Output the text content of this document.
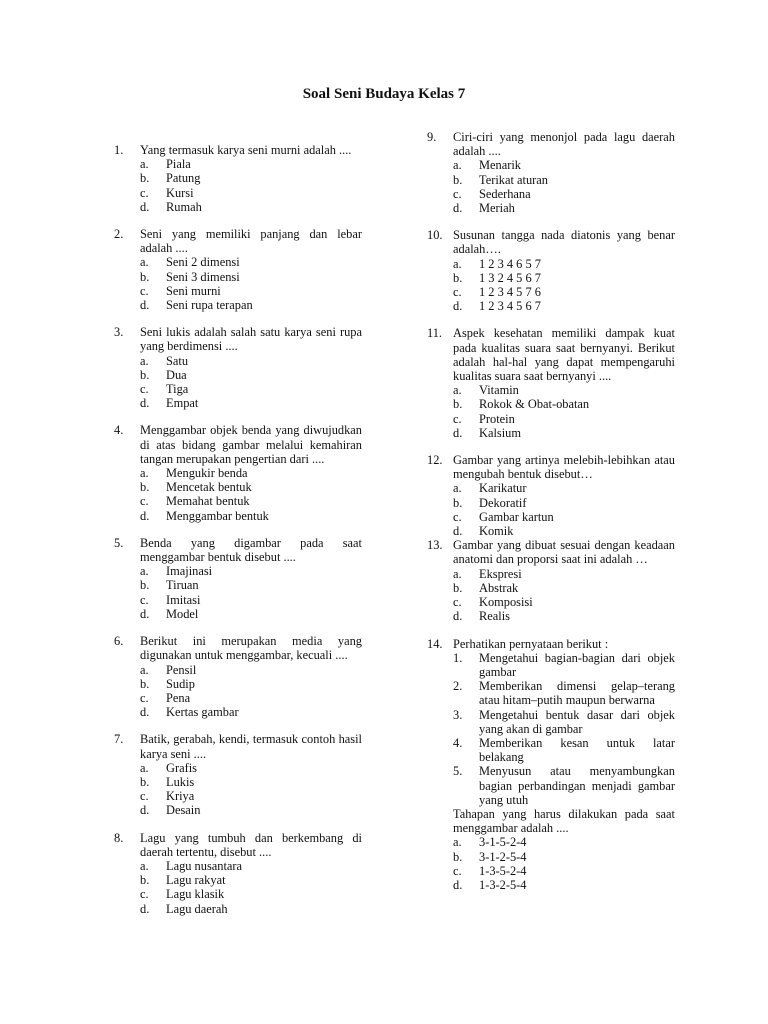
Soal Seni Budaya Kelas 7
1.	Yang termasuk karya seni murni adalah ....
a.	Piala
b.	Patung
c.	Kursi
d.	Rumah
2.	Seni yang memiliki panjang dan lebar adalah ....
a.	Seni 2 dimensi
b.	Seni 3 dimensi
c.	Seni murni
d.	Seni rupa terapan
3.	Seni lukis adalah salah satu karya seni rupa yang berdimensi ....
a.	Satu
b.	Dua
c.	Tiga
d.	Empat
4.	Menggambar objek benda yang diwujudkan di atas bidang gambar melalui kemahiran tangan merupakan pengertian dari ....
a.	Mengukir benda
b.	Mencetak bentuk
c.	Memahat bentuk
d.	Menggambar bentuk
5.	Benda yang digambar pada saat menggambar bentuk disebut ....
a.	Imajinasi
b.	Tiruan
c.	Imitasi
d.	Model
6.	Berikut ini merupakan media yang digunakan untuk menggambar, kecuali ....
a.	Pensil
b.	Sudip
c.	Pena
d.	Kertas gambar
7.	Batik, gerabah, kendi, termasuk contoh hasil karya seni ....
a.	Grafis
b.	Lukis
c.	Kriya
d.	Desain
8.	Lagu yang tumbuh dan berkembang di daerah tertentu, disebut ....
a.	Lagu nusantara
b.	Lagu rakyat
c.	Lagu klasik
d.	Lagu daerah
9.	Ciri-ciri yang menonjol pada lagu daerah adalah ....
a.	Menarik
b.	Terikat aturan
c.	Sederhana
d.	Meriah
10. Susunan tangga nada diatonis yang benar adalah….
a.	1 2 3 4 6 5 7
b.	1 3 2 4 5 6 7
c.	1 2 3 4 5 7 6
d.	1 2 3 4 5 6 7
11. Aspek kesehatan memiliki dampak kuat pada kualitas suara saat bernyanyi. Berikut adalah hal-hal yang dapat mempengaruhi kualitas suara saat bernyanyi ....
a.	Vitamin
b.	Rokok & Obat-obatan
c.	Protein
d.	Kalsium
12. Gambar yang artinya melebih-lebihkan atau mengubah bentuk disebut…
a.	Karikatur
b.	Dekoratif
c.	Gambar kartun
d.	Komik
13. Gambar yang dibuat sesuai dengan keadaan anatomi dan proporsi saat ini adalah …
a.	Ekspresi
b.	Abstrak
c.	Komposisi
d.	Realis
14. Perhatikan pernyataan berikut :
1.	Mengetahui bagian-bagian dari objek gambar
2.	Memberikan dimensi gelap–terang atau hitam–putih maupun berwarna
3.	Mengetahui bentuk dasar dari objek yang akan di gambar
4.	Memberikan kesan untuk latar belakang
5.	Menyusun atau menyambungkan bagian perbandingan menjadi gambar yang utuh
Tahapan yang harus dilakukan pada saat menggambar adalah ....
a.	3-1-5-2-4
b.	3-1-2-5-4
c.	1-3-5-2-4
d.	1-3-2-5-4
